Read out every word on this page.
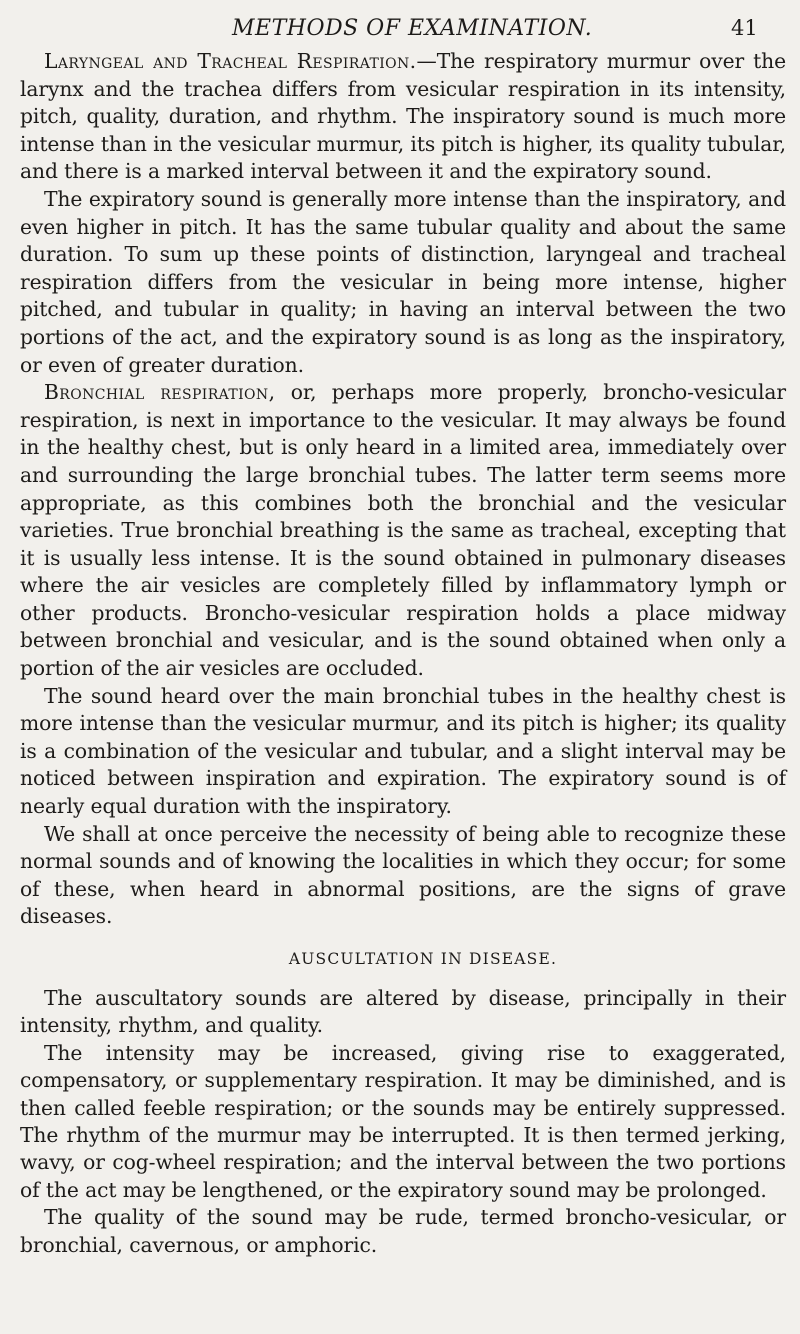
METHODS OF EXAMINATION.	41

Laryngeal and Tracheal Respiration.—The respiratory murmur over the larynx and the trachea differs from vesicular respiration in its intensity, pitch, quality, duration, and rhythm. The inspiratory sound is much more intense than in the vesicular murmur, its pitch is higher, its quality tubular, and there is a marked interval between it and the expiratory sound.

The expiratory sound is generally more intense than the inspiratory, and even higher in pitch. It has the same tubular quality and about the same duration. To sum up these points of distinction, laryngeal and tracheal respiration differs from the vesicular in being more intense, higher pitched, and tubular in quality; in having an interval between the two portions of the act, and the expiratory sound is as long as the inspiratory, or even of greater duration.

Bronchial respiration, or, perhaps more properly, broncho-vesicular respiration, is next in importance to the vesicular. It may always be found in the healthy chest, but is only heard in a limited area, immediately over and surrounding the large bronchial tubes. The latter term seems more appropriate, as this combines both the bronchial and the vesicular varieties. True bronchial breathing is the same as tracheal, excepting that it is usually less intense. It is the sound obtained in pulmonary diseases where the air vesicles are completely filled by inflammatory lymph or other products. Broncho-vesicular respiration holds a place midway between bronchial and vesicular, and is the sound obtained when only a portion of the air vesicles are occluded.

The sound heard over the main bronchial tubes in the healthy chest is more intense than the vesicular murmur, and its pitch is higher; its quality is a combination of the vesicular and tubular, and a slight interval may be noticed between inspiration and expiration. The expiratory sound is of nearly equal duration with the inspiratory.

We shall at once perceive the necessity of being able to recognize these normal sounds and of knowing the localities in which they occur; for some of these, when heard in abnormal positions, are the signs of grave diseases.

AUSCULTATION IN DISEASE.

The auscultatory sounds are altered by disease, principally in their intensity, rhythm, and quality.

The intensity may be increased, giving rise to exaggerated, compensatory, or supplementary respiration. It may be diminished, and is then called feeble respiration; or the sounds may be entirely suppressed. The rhythm of the murmur may be interrupted. It is then termed jerking, wavy, or cog-wheel respiration; and the interval between the two portions of the act may be lengthened, or the expiratory sound may be prolonged.

The quality of the sound may be rude, termed broncho-vesicular, or bronchial, cavernous, or amphoric.
